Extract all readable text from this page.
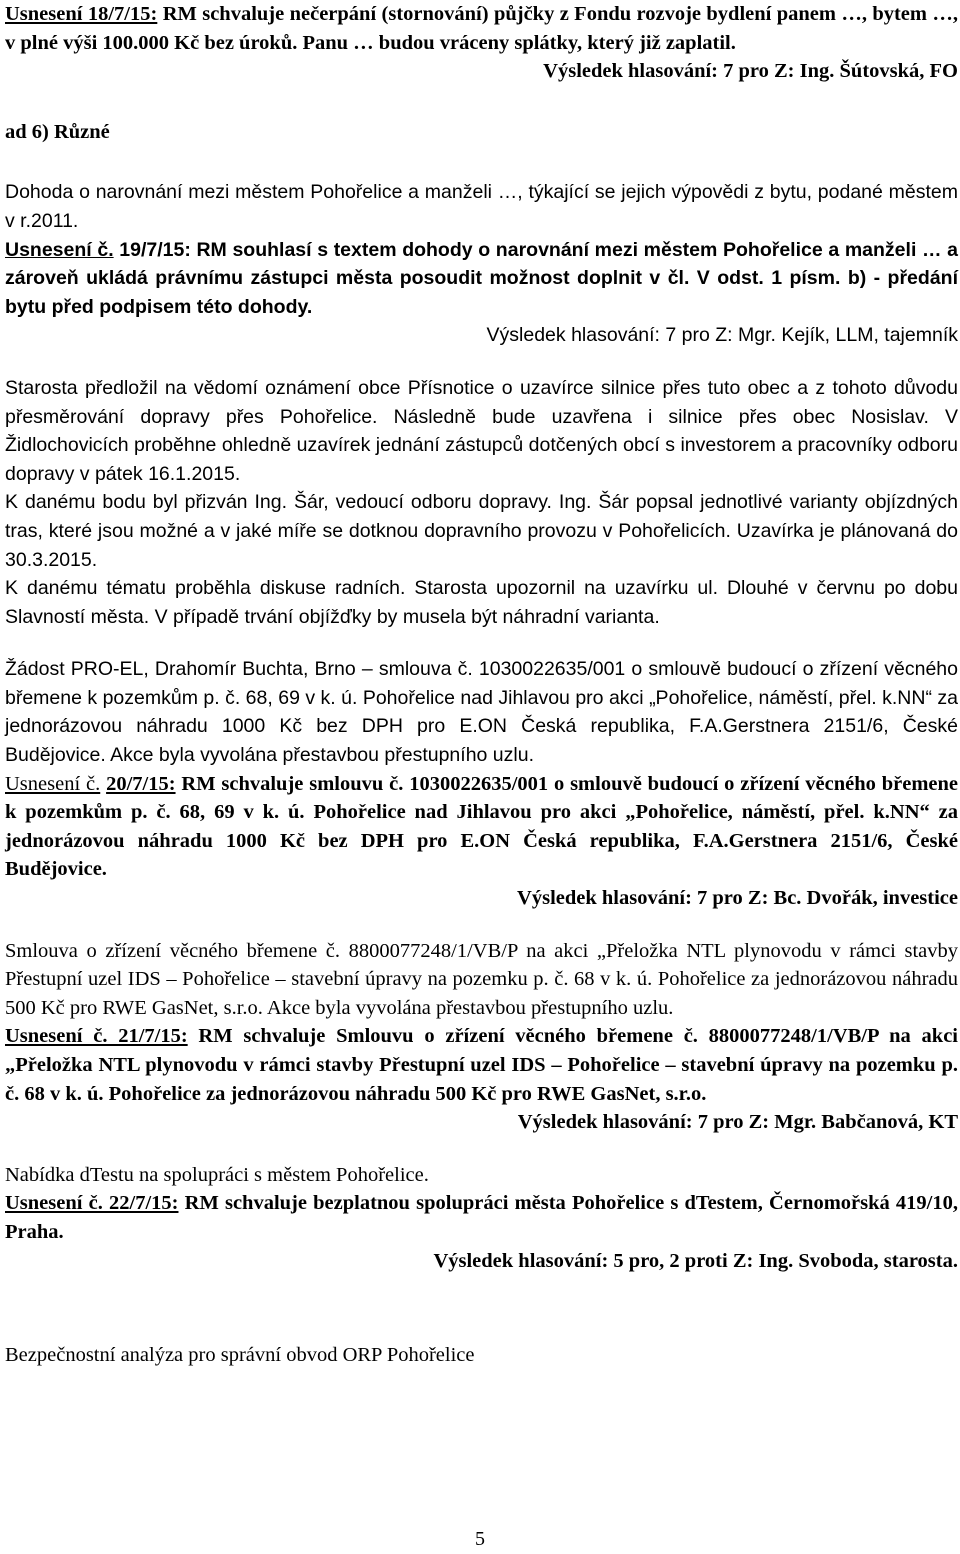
Usnesení 18/7/15: RM schvaluje nečerpání (stornování) půjčky z Fondu rozvoje bydlení panem …, bytem …, v plné výši 100.000 Kč bez úroků. Panu … budou vráceny splátky, který již zaplatil.

Výsledek hlasování: 7 pro Z: Ing. Šútovská, FO

ad 6) Různé

Dohoda o narovnání mezi městem Pohořelice a manželi …, týkající se jejich výpovědi z bytu, podané městem v r.2011.

Usnesení č. 19/7/15: RM souhlasí s textem dohody o narovnání mezi městem Pohořelice a manželi … a zároveň ukládá právnímu zástupci města posoudit možnost doplnit v čl. V odst. 1 písm. b) - předání bytu před podpisem této dohody.

Výsledek hlasování: 7 pro Z: Mgr. Kejík, LLM, tajemník

Starosta předložil na vědomí oznámení obce Přísnotice o uzavírce silnice přes tuto obec a z tohoto důvodu přesměrování dopravy přes Pohořelice. Následně bude uzavřena i silnice přes obec Nosislav. V Židlochovicích proběhne ohledně uzavírek jednání zástupců dotčených obcí s investorem a pracovníky odboru dopravy v pátek 16.1.2015.

K danému bodu byl přizván Ing. Šár, vedoucí odboru dopravy. Ing. Šár popsal jednotlivé varianty objízdných tras, které jsou možné a v jaké míře se dotknou dopravního provozu v Pohořelicích. Uzavírka je plánovaná do 30.3.2015.

K danému tématu proběhla diskuse radních. Starosta upozornil na uzavírku ul. Dlouhé v červnu po dobu Slavností města. V případě trvání objížďky by musela být náhradní varianta.

Žádost PRO-EL, Drahomír Buchta, Brno – smlouva č. 1030022635/001 o smlouvě budoucí o zřízení věcného břemene k pozemkům p. č. 68, 69 v k. ú. Pohořelice nad Jihlavou pro akci „Pohořelice, náměstí, přel. k.NN“ za jednorázovou náhradu 1000 Kč bez DPH pro E.ON Česká republika, F.A.Gerstnera 2151/6, České Budějovice. Akce byla vyvolána přestavbou přestupního uzlu.

Usnesení č. 20/7/15: RM schvaluje smlouvu č. 1030022635/001 o smlouvě budoucí o zřízení věcného břemene k pozemkům p. č. 68, 69 v k. ú. Pohořelice nad Jihlavou pro akci „Pohořelice, náměstí, přel. k.NN“ za jednorázovou náhradu 1000 Kč bez DPH pro E.ON Česká republika, F.A.Gerstnera 2151/6, České Budějovice.

Výsledek hlasování: 7 pro Z: Bc. Dvořák, investice

Smlouva o zřízení věcného břemene č. 8800077248/1/VB/P na akci „Přeložka NTL plynovodu v rámci stavby Přestupní uzel IDS – Pohořelice – stavební úpravy na pozemku p. č. 68 v k. ú. Pohořelice za jednorázovou náhradu 500 Kč pro RWE GasNet, s.r.o. Akce byla vyvolána přestavbou přestupního uzlu.

Usnesení č. 21/7/15: RM schvaluje Smlouvu o zřízení věcného břemene č. 8800077248/1/VB/P na akci „Přeložka NTL plynovodu v rámci stavby Přestupní uzel IDS – Pohořelice – stavební úpravy na pozemku p. č. 68 v k. ú. Pohořelice za jednorázovou náhradu 500 Kč pro RWE GasNet, s.r.o.

Výsledek hlasování: 7 pro Z: Mgr. Babčanová, KT

Nabídka dTestu na spolupráci s městem Pohořelice.

Usnesení č. 22/7/15: RM schvaluje bezplatnou spolupráci města Pohořelice s dTestem, Černomořská 419/10, Praha.

Výsledek hlasování: 5 pro, 2 proti Z: Ing. Svoboda, starosta.

Bezpečnostní analýza pro správní obvod ORP Pohořelice

5
